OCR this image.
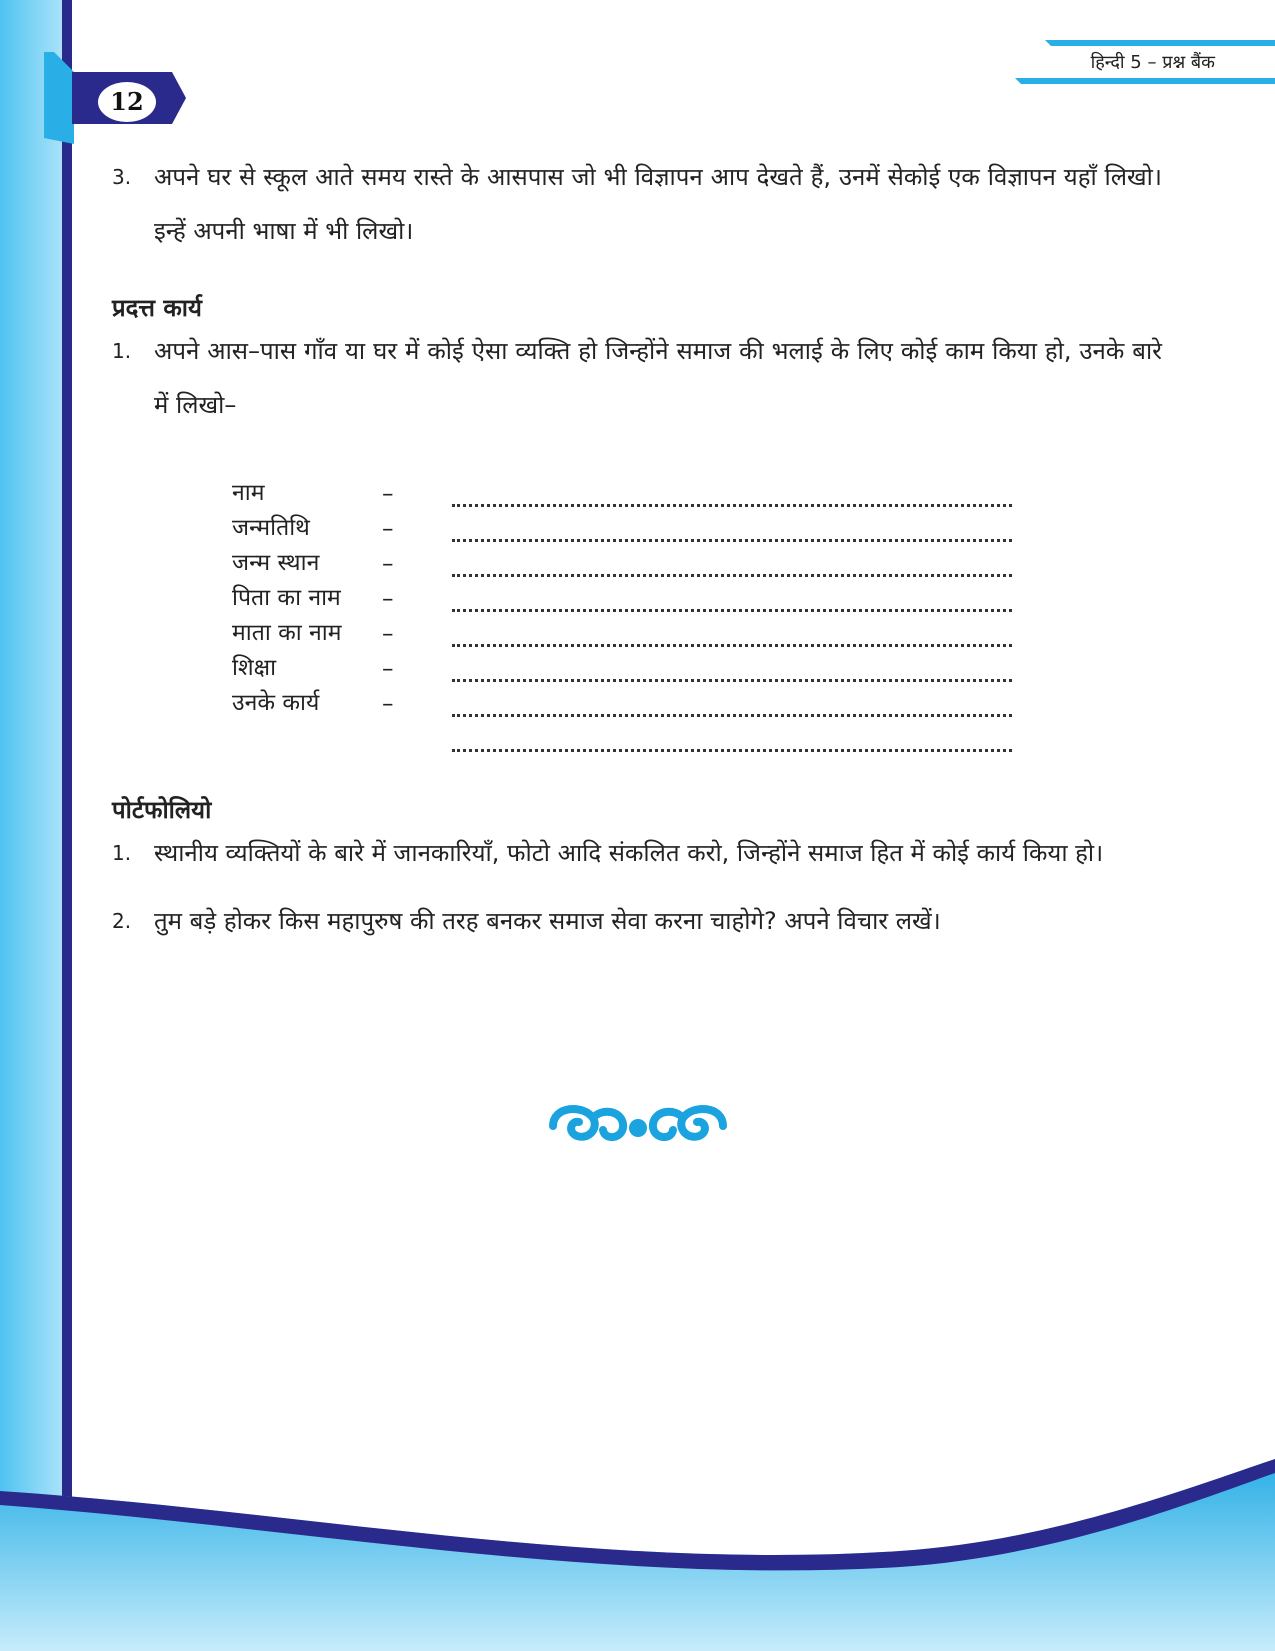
12
हिन्दी 5 – प्रश्न बैंक
3. अपने घर से स्कूल आते समय रास्ते के आसपास जो भी विज्ञापन आप देखते हैं, उनमें सेकोई एक विज्ञापन यहाँ लिखो। इन्हें अपनी भाषा में भी लिखो।
प्रदत्त कार्य
1. अपने आस–पास गाँव या घर में कोई ऐसा व्यक्ति हो जिन्होंने समाज की भलाई के लिए कोई काम किया हो, उनके बारे में लिखो–
नाम	–
जन्मतिथि	–
जन्म स्थान	–
पिता का नाम	–
माता का नाम	–
शिक्षा	–
उनके कार्य	–
पोर्टफोलियो
1. स्थानीय व्यक्तियों के बारे में जानकारियाँ, फोटो आदि संकलित करो, जिन्होंने समाज हित में कोई कार्य किया हो।
2. तुम बड़े होकर किस महापुरुष की तरह बनकर समाज सेवा करना चाहोगे? अपने विचार लखें।
